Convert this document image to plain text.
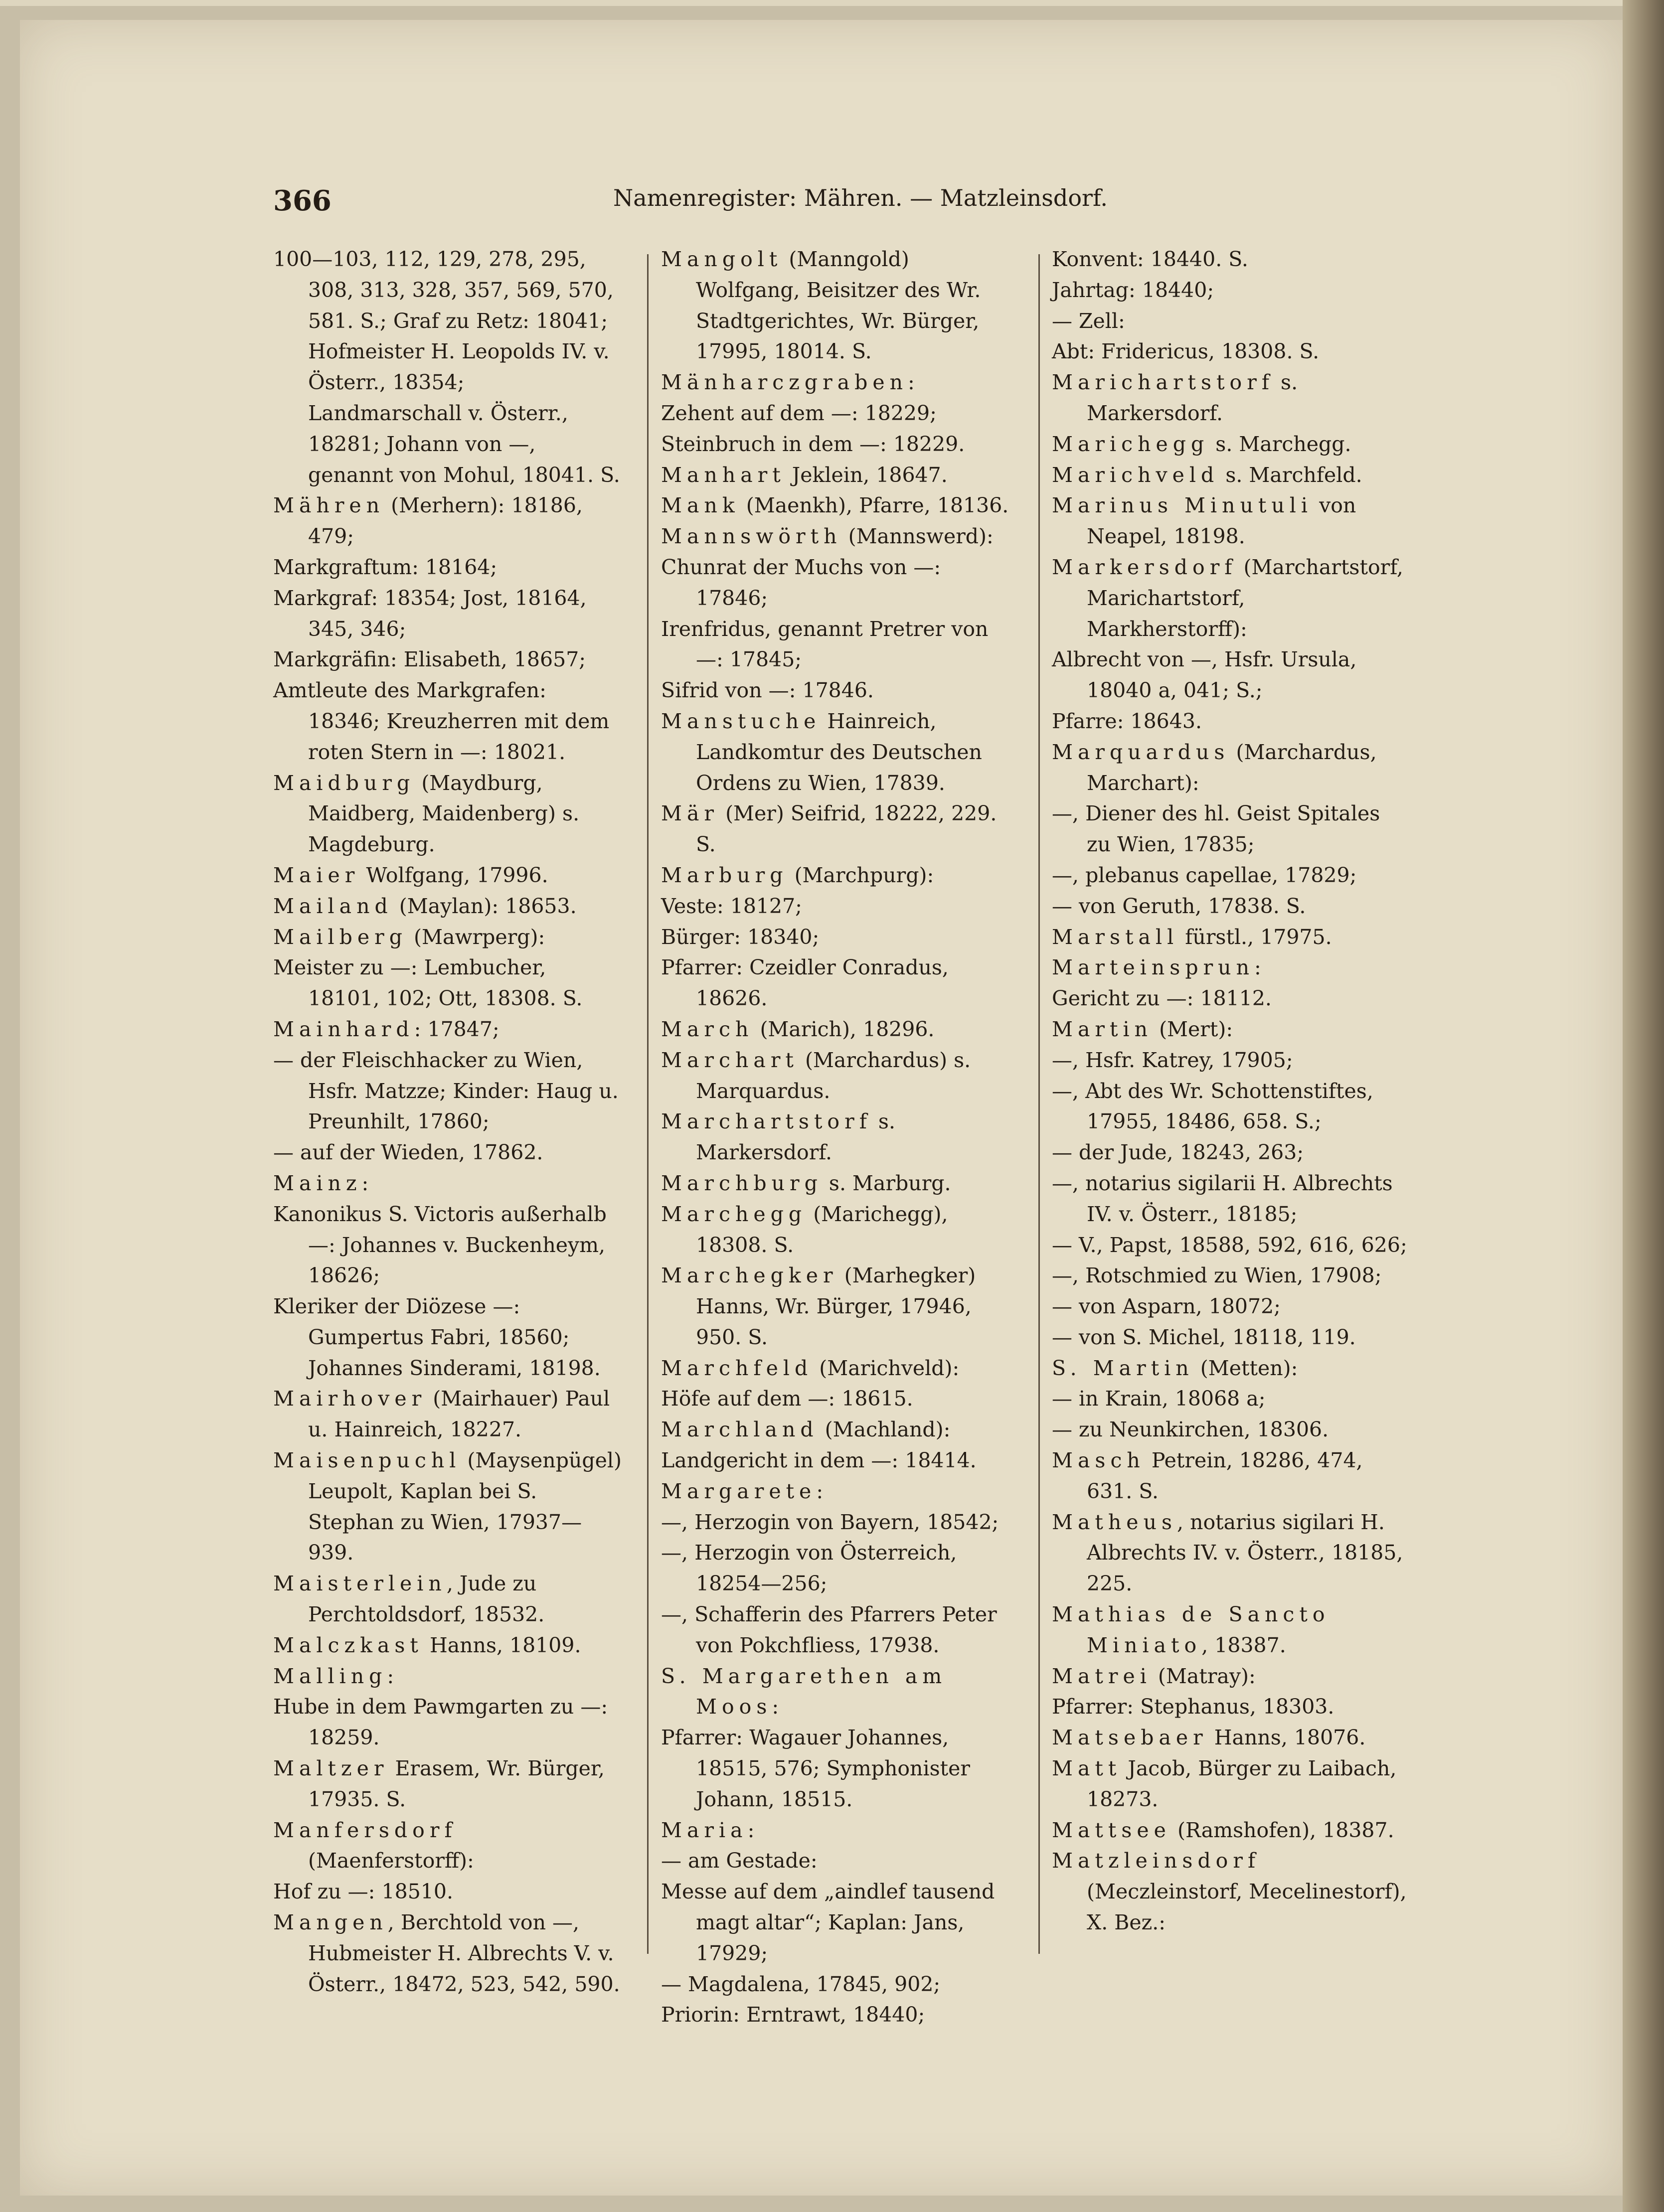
366	Namenregister: Mähren. — Matzleinsdorf.

100—103, 112, 129, 278, 295, 308, 313, 328, 357, 569, 570, 581. S.; Graf zu Retz: 18041; Hofmeister H. Leopolds IV. v. Österr., 18354; Landmarschall v. Österr., 18281; Johann von —, genannt von Mohul, 18041. S.

Mähren (Merhern): 18186, 479;

Markgraftum: 18164;

Markgraf: 18354; Jost, 18164, 345, 346;

Markgräfin: Elisabeth, 18657;

Amtleute des Markgrafen: 18346; Kreuzherren mit dem roten Stern in —: 18021.

Maidburg (Maydburg, Maidberg, Maidenberg) s. Magdeburg.

Maier Wolfgang, 17996.

Mailand (Maylan): 18653.

Mailberg (Mawrperg):

Meister zu —: Lembucher, 18101, 102; Ott, 18308. S.

Mainhard: 17847;

— der Fleischhacker zu Wien, Hsfr. Matzze; Kinder: Haug u. Preunhilt, 17860;

— auf der Wieden, 17862.

Mainz:

Kanonikus S. Victoris außerhalb —: Johannes v. Buckenheym, 18626;

Kleriker der Diözese —: Gumpertus Fabri, 18560; Johannes Sinderami, 18198.

Mairhover (Mairhauer) Paul u. Hainreich, 18227.

Maisenpuchl (Maysenpügel) Leupolt, Kaplan bei S. Stephan zu Wien, 17937—939.

Maisterlein, Jude zu Perchtoldsdorf, 18532.

Malczkast Hanns, 18109.

Malling:

Hube in dem Pawmgarten zu —: 18259.

Maltzer Erasem, Wr. Bürger, 17935. S.

Manfersdorf (Maenferstorff):

Hof zu —: 18510.

Mangen, Berchtold von —, Hubmeister H. Albrechts V. v. Österr., 18472, 523, 542, 590.

Mangolt (Manngold) Wolfgang, Beisitzer des Wr. Stadtgerichtes, Wr. Bürger, 17995, 18014. S.

Mänharczgraben:

Zehent auf dem —: 18229;

Steinbruch in dem —: 18229.

Manhart Jeklein, 18647.

Mank (Maenkh), Pfarre, 18136.

Mannswörth (Mannswerd):

Chunrat der Muchs von —: 17846;

Irenfridus, genannt Pretrer von —: 17845;

Sifrid von —: 17846.

Manstuche Hainreich, Landkomtur des Deutschen Ordens zu Wien, 17839.

Mär (Mer) Seifrid, 18222, 229. S.

Marburg (Marchpurg):

Veste: 18127;

Bürger: 18340;

Pfarrer: Czeidler Conradus, 18626.

March (Marich), 18296.

Marchart (Marchardus) s. Marquardus.

Marchartstorf s. Markersdorf.

Marchburg s. Marburg.

Marchegg (Marichegg), 18308. S.

Marchegker (Marhegker) Hanns, Wr. Bürger, 17946, 950. S.

Marchfeld (Marichveld):

Höfe auf dem —: 18615.

Marchland (Machland):

Landgericht in dem —: 18414.

Margarete:

—, Herzogin von Bayern, 18542;

—, Herzogin von Österreich, 18254—256;

—, Schafferin des Pfarrers Peter von Pokchfliess, 17938.

S. Margarethen am Moos:

Pfarrer: Wagauer Johannes, 18515, 576; Symphonister Johann, 18515.

Maria:

— am Gestade:

Messe auf dem „aindlef tausend magt altar“; Kaplan: Jans, 17929;

— Magdalena, 17845, 902;

Priorin: Erntrawt, 18440;

Konvent: 18440. S.

Jahrtag: 18440;

— Zell:

Abt: Fridericus, 18308. S.

Marichartstorf s. Markersdorf.

Marichegg s. Marchegg.

Marichveld s. Marchfeld.

Marinus Minutuli von Neapel, 18198.

Markersdorf (Marchartstorf, Marichartstorf, Markherstorff):

Albrecht von —, Hsfr. Ursula, 18040 a, 041; S.;

Pfarre: 18643.

Marquardus (Marchardus, Marchart):

—, Diener des hl. Geist Spitales zu Wien, 17835;

—, plebanus capellae, 17829;

— von Geruth, 17838. S.

Marstall fürstl., 17975.

Marteinsprun:

Gericht zu —: 18112.

Martin (Mert):

—, Hsfr. Katrey, 17905;

—, Abt des Wr. Schottenstiftes, 17955, 18486, 658. S.;

— der Jude, 18243, 263;

—, notarius sigilarii H. Albrechts IV. v. Österr., 18185;

— V., Papst, 18588, 592, 616, 626;

—, Rotschmied zu Wien, 17908;

— von Asparn, 18072;

— von S. Michel, 18118, 119.

S. Martin (Metten):

— in Krain, 18068 a;

— zu Neunkirchen, 18306.

Masch Petrein, 18286, 474, 631. S.

Matheus, notarius sigilari H. Albrechts IV. v. Österr., 18185, 225.

Mathias de Sancto Miniato, 18387.

Matrei (Matray):

Pfarrer: Stephanus, 18303.

Matsebaer Hanns, 18076.

Matt Jacob, Bürger zu Laibach, 18273.

Mattsee (Ramshofen), 18387.

Matzleinsdorf (Meczleinstorf, Mecelinestorf), X. Bez.:
